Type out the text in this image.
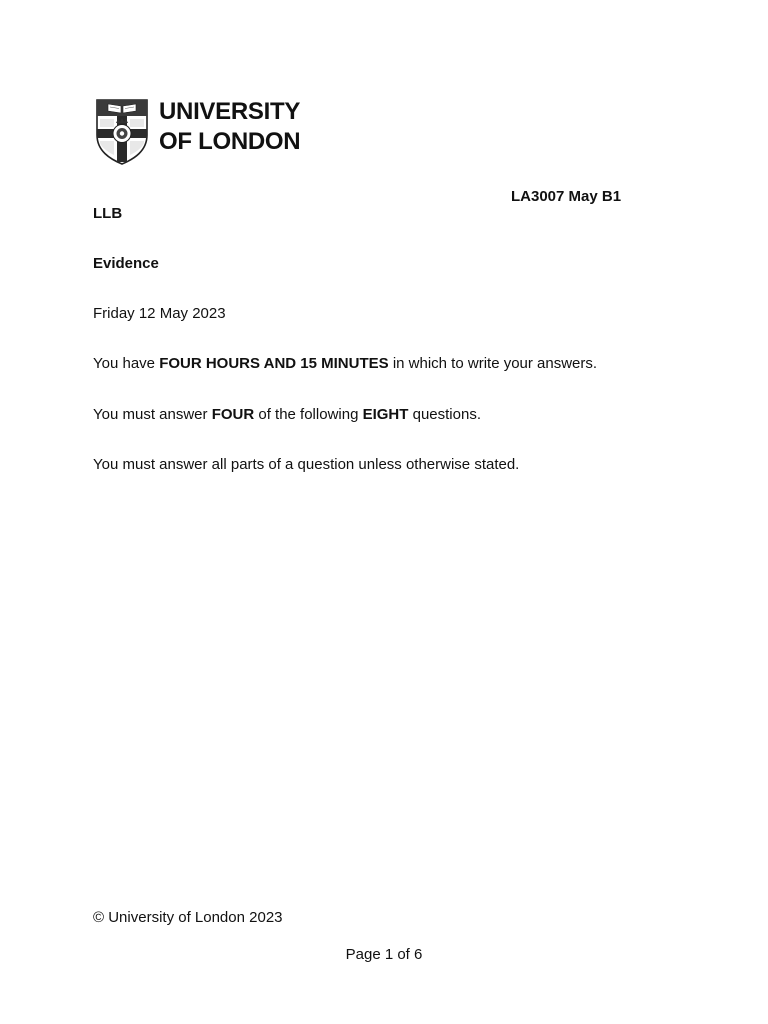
UNIVERSITY
OF LONDON
LA3007 May B1
LLB
Evidence
Friday 12 May 2023
You have FOUR HOURS AND 15 MINUTES in which to write your answers.
You must answer FOUR of the following EIGHT questions.
You must answer all parts of a question unless otherwise stated.
© University of London 2023
Page 1 of 6
